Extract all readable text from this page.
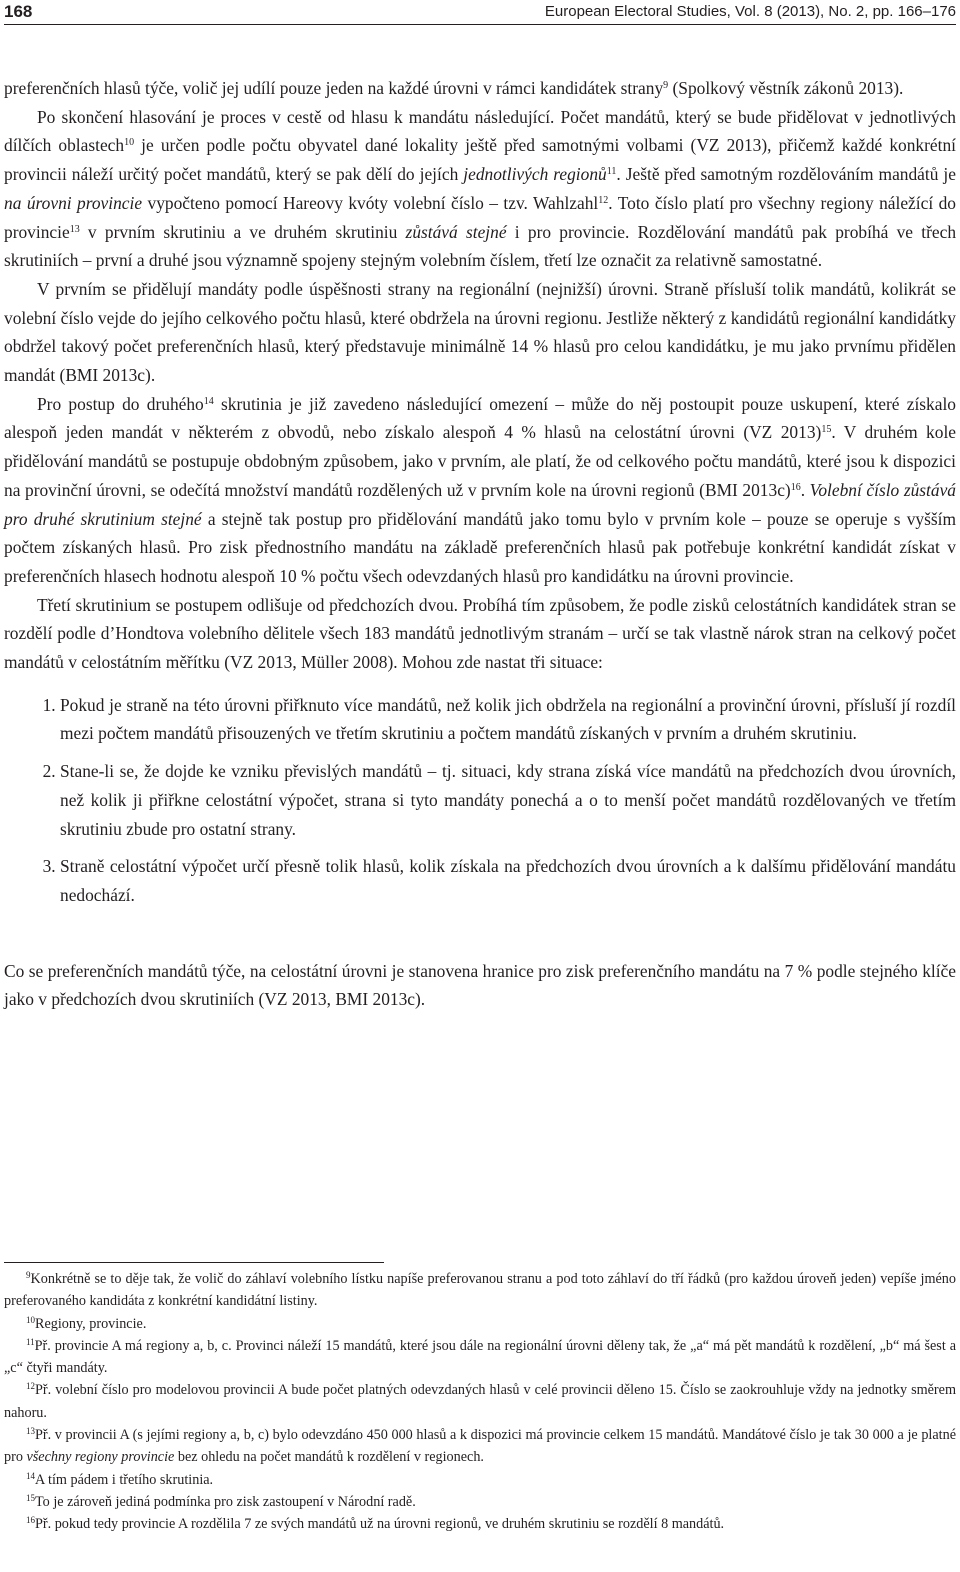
168	European Electoral Studies, Vol. 8 (2013), No. 2, pp. 166–176

preferenčních hlasů týče, volič jej udílí pouze jeden na každé úrovni v rámci kandidátek strany$^9$ (Spolkový věstník zákonů 2013).

Po skončení hlasování je proces v cestě od hlasu k mandátu následující. Počet mandátů, který se bude přidělovat v jednotlivých dílčích oblastech$^{10}$ je určen podle počtu obyvatel dané lokality ještě před samotnými volbami (VZ 2013), přičemž každé konkrétní provincii náleží určitý počet mandátů, který se pak dělí do jejích jednotlivých regionů$^{11}$. Ještě před samotným rozdělováním mandátů je na úrovni provincie vypočteno pomocí Hareovy kvóty volební číslo – tzv. Wahlzahl$^{12}$. Toto číslo platí pro všechny regiony náležící do provincie$^{13}$ v prvním skrutiniu a ve druhém skrutiniu zůstává stejné i pro provincie. Rozdělování mandátů pak probíhá ve třech skrutiniích – první a druhé jsou významně spojeny stejným volebním číslem, třetí lze označit za relativně samostatné.

V prvním se přidělují mandáty podle úspěšnosti strany na regionální (nejnižší) úrovni. Straně přísluší tolik mandátů, kolikrát se volební číslo vejde do jejího celkového počtu hlasů, které obdržela na úrovni regionu. Jestliže některý z kandidátů regionální kandidátky obdržel takový počet preferenčních hlasů, který představuje minimálně 14 % hlasů pro celou kandidátku, je mu jako prvnímu přidělen mandát (BMI 2013c).

Pro postup do druhého$^{14}$ skrutinia je již zavedeno následující omezení – může do něj postoupit pouze uskupení, které získalo alespoň jeden mandát v některém z obvodů, nebo získalo alespoň 4 % hlasů na celostátní úrovni (VZ 2013)$^{15}$. V druhém kole přidělování mandátů se postupuje obdobným způsobem, jako v prvním, ale platí, že od celkového počtu mandátů, které jsou k dispozici na provinční úrovni, se odečítá množství mandátů rozdělených už v prvním kole na úrovni regionů (BMI 2013c)$^{16}$. Volební číslo zůstává pro druhé skrutinium stejné a stejně tak postup pro přidělování mandátů jako tomu bylo v prvním kole – pouze se operuje s vyšším počtem získaných hlasů. Pro zisk přednostního mandátu na základě preferenčních hlasů pak potřebuje konkrétní kandidát získat v preferenčních hlasech hodnotu alespoň 10 % počtu všech odevzdaných hlasů pro kandidátku na úrovni provincie.

Třetí skrutinium se postupem odlišuje od předchozích dvou. Probíhá tím způsobem, že podle zisků celostátních kandidátek stran se rozdělí podle d’Hondtova volebního dělitele všech 183 mandátů jednotlivým stranám – určí se tak vlastně nárok stran na celkový počet mandátů v celostátním měřítku (VZ 2013, Müller 2008). Mohou zde nastat tři situace:

1. Pokud je straně na této úrovni přiřknuto více mandátů, než kolik jich obdržela na regionální a provinční úrovni, přísluší jí rozdíl mezi počtem mandátů přisouzených ve třetím skrutiniu a počtem mandátů získaných v prvním a druhém skrutiniu.
2. Stane-li se, že dojde ke vzniku převislých mandátů – tj. situaci, kdy strana získá více mandátů na předchozích dvou úrovních, než kolik ji přiřkne celostátní výpočet, strana si tyto mandáty ponechá a o to menší počet mandátů rozdělovaných ve třetím skrutiniu zbude pro ostatní strany.
3. Straně celostátní výpočet určí přesně tolik hlasů, kolik získala na předchozích dvou úrovních a k dalšímu přidělování mandátu nedochází.

Co se preferenčních mandátů týče, na celostátní úrovni je stanovena hranice pro zisk preferenčního mandátu na 7 % podle stejného klíče jako v předchozích dvou skrutiniích (VZ 2013, BMI 2013c).

$^9$Konkrétně se to děje tak, že volič do záhlaví volebního lístku napíše preferovanou stranu a pod toto záhlaví do tří řádků (pro každou úroveň jeden) vepíše jméno preferovaného kandidáta z konkrétní kandidátní listiny.

$^{10}$Regiony, provincie.

$^{11}$Př. provincie A má regiony a, b, c. Provinci náleží 15 mandátů, které jsou dále na regionální úrovni děleny tak, že „a“ má pět mandátů k rozdělení, „b“ má šest a „c“ čtyři mandáty.

$^{12}$Př. volební číslo pro modelovou provincii A bude počet platných odevzdaných hlasů v celé provincii děleno 15. Číslo se zaokrouhluje vždy na jednotky směrem nahoru.

$^{13}$Př. v provincii A (s jejími regiony a, b, c) bylo odevzdáno 450 000 hlasů a k dispozici má provincie celkem 15 mandátů. Mandátové číslo je tak 30 000 a je platné pro všechny regiony provincie bez ohledu na počet mandátů k rozdělení v regionech.

$^{14}$A tím pádem i třetího skrutinia.

$^{15}$To je zároveň jediná podmínka pro zisk zastoupení v Národní radě.

$^{16}$Př. pokud tedy provincie A rozdělila 7 ze svých mandátů už na úrovni regionů, ve druhém skrutiniu se rozdělí 8 mandátů.
